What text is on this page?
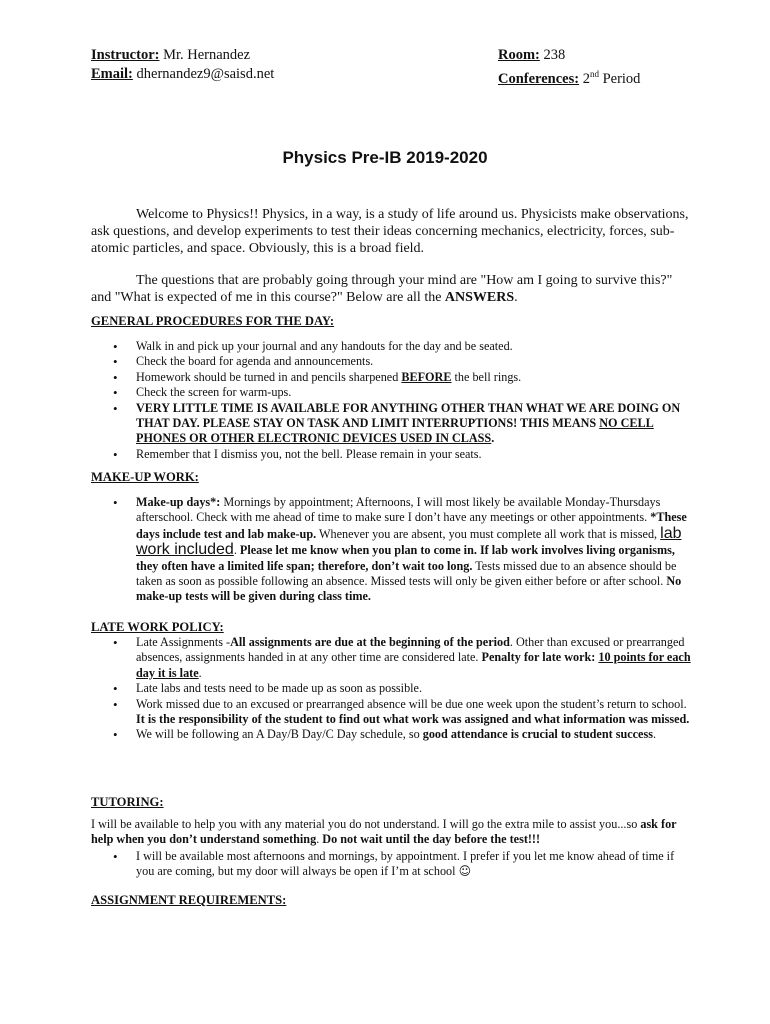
Instructor: Mr. Hernandez
Email: dhernandez9@saisd.net
Room: 238
Conferences: 2nd Period
Physics Pre-IB 2019-2020
Welcome to Physics!! Physics, in a way, is a study of life around us. Physicists make observations, ask questions, and develop experiments to test their ideas concerning mechanics, electricity, forces, sub-atomic particles, and space. Obviously, this is a broad field.
The questions that are probably going through your mind are "How am I going to survive this?" and "What is expected of me in this course?" Below are all the ANSWERS.
GENERAL PROCEDURES FOR THE DAY:
• Walk in and pick up your journal and any handouts for the day and be seated.
• Check the board for agenda and announcements.
• Homework should be turned in and pencils sharpened BEFORE the bell rings.
• Check the screen for warm-ups.
• VERY LITTLE TIME IS AVAILABLE FOR ANYTHING OTHER THAN WHAT WE ARE DOING ON THAT DAY. PLEASE STAY ON TASK AND LIMIT INTERRUPTIONS! THIS MEANS NO CELL PHONES OR OTHER ELECTRONIC DEVICES USED IN CLASS.
• Remember that I dismiss you, not the bell. Please remain in your seats.
MAKE-UP WORK:
• Make-up days*: Mornings by appointment; Afternoons, I will most likely be available Monday-Thursdays afterschool. Check with me ahead of time to make sure I don’t have any meetings or other appointments. *These days include test and lab make-up. Whenever you are absent, you must complete all work that is missed, lab work included. Please let me know when you plan to come in. If lab work involves living organisms, they often have a limited life span; therefore, don’t wait too long. Tests missed due to an absence should be taken as soon as possible following an absence. Missed tests will only be given either before or after school. No make-up tests will be given during class time.
LATE WORK POLICY:
• Late Assignments -All assignments are due at the beginning of the period. Other than excused or prearranged absences, assignments handed in at any other time are considered late. Penalty for late work: 10 points for each day it is late.
• Late labs and tests need to be made up as soon as possible.
• Work missed due to an excused or prearranged absence will be due one week upon the student’s return to school. It is the responsibility of the student to find out what work was assigned and what information was missed.
• We will be following an A Day/B Day/C Day schedule, so good attendance is crucial to student success.
TUTORING:
I will be available to help you with any material you do not understand. I will go the extra mile to assist you...so ask for help when you don’t understand something. Do not wait until the day before the test!!!
• I will be available most afternoons and mornings, by appointment. I prefer if you let me know ahead of time if you are coming, but my door will always be open if I’m at school ☺
ASSIGNMENT REQUIREMENTS:
